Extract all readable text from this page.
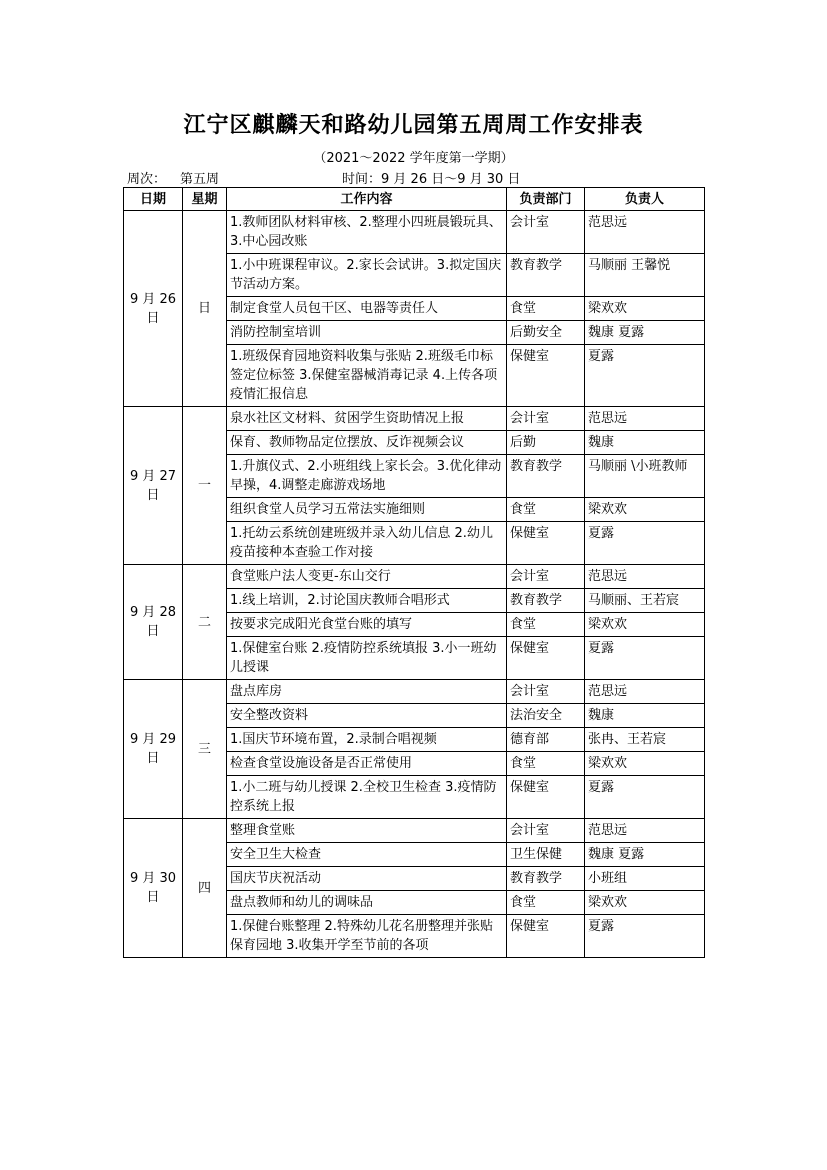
江宁区麒麟天和路幼儿园第五周周工作安排表
（2021～2022 学年度第一学期）
周次： 第五周	时间：9 月 26 日～9 月 30 日
日期	星期	工作内容	负责部门	负责人
9 月 26 日	日	1.教师团队材料审核、2.整理小四班晨锻玩具、3.中心园改账	会计室	范思远
		1.小中班课程审议。2.家长会试讲。3.拟定国庆节活动方案。	教育教学	马顺丽 王馨悦
		制定食堂人员包干区、电器等责任人	食堂	梁欢欢
		消防控制室培训	后勤安全	魏康 夏露
		1.班级保育园地资料收集与张贴 2.班级毛巾标签定位标签 3.保健室器械消毒记录 4.上传各项疫情汇报信息	保健室	夏露
9 月 27 日	一	泉水社区文材料、贫困学生资助情况上报	会计室	范思远
		保育、教师物品定位摆放、反诈视频会议	后勤	魏康
		1.升旗仪式、2.小班组线上家长会。3.优化律动早操，4.调整走廊游戏场地	教育教学	马顺丽 \小班教师
		组织食堂人员学习五常法实施细则	食堂	梁欢欢
		1.托幼云系统创建班级并录入幼儿信息 2.幼儿疫苗接种本查验工作对接	保健室	夏露
9 月 28 日	二	食堂账户法人变更-东山交行	会计室	范思远
		1.线上培训，2.讨论国庆教师合唱形式	教育教学	马顺丽、王若宸
		按要求完成阳光食堂台账的填写	食堂	梁欢欢
		1.保健室台账 2.疫情防控系统填报 3.小一班幼儿授课	保健室	夏露
9 月 29 日	三	盘点库房	会计室	范思远
		安全整改资料	法治安全	魏康
		1.国庆节环境布置，2.录制合唱视频	德育部	张冉、王若宸
		检查食堂设施设备是否正常使用	食堂	梁欢欢
		1.小二班与幼儿授课 2.全校卫生检查 3.疫情防控系统上报	保健室	夏露
9 月 30 日	四	整理食堂账	会计室	范思远
		安全卫生大检查	卫生保健	魏康 夏露
		国庆节庆祝活动	教育教学	小班组
		盘点教师和幼儿的调味品	食堂	梁欢欢
		1.保健台账整理 2.特殊幼儿花名册整理并张贴保育园地 3.收集开学至节前的各项	保健室	夏露
